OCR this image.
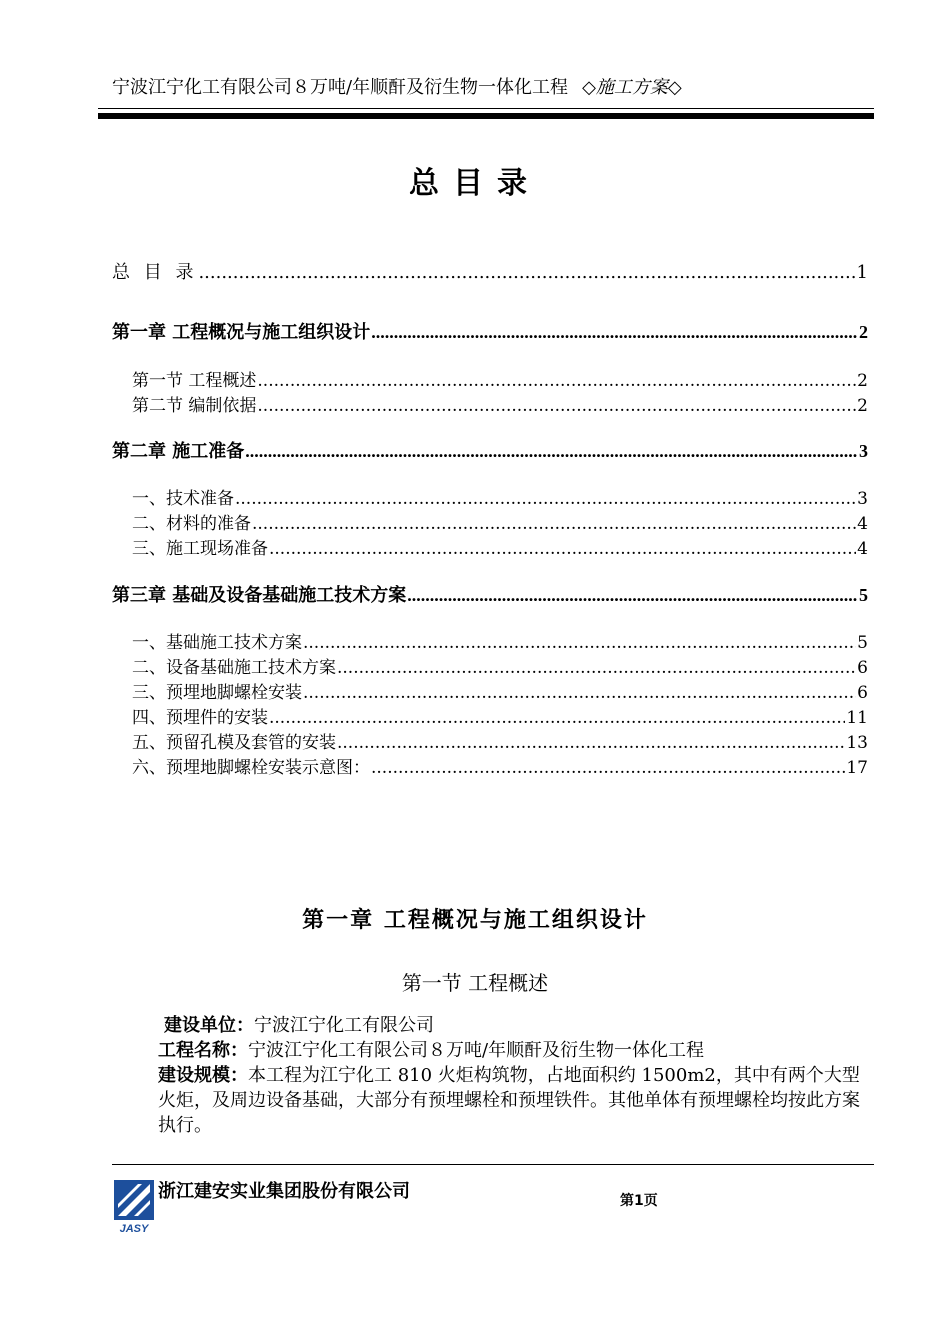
宁波江宁化工有限公司８万吨/年顺酐及衍生物一体化工程 ◇施工方案◇
总目录
总 目 录 .....	1
第一章 工程概况与施工组织设计 .....	2
第一节 工程概述 .....	2
第二节 编制依据 .....	2
第二章 施工准备 .....	3
一、技术准备 .....	3
二、材料的准备 .....	4
三、施工现场准备 .....	4
第三章 基础及设备基础施工技术方案 .....	5
一、基础施工技术方案 .....	5
二、设备基础施工技术方案 .....	6
三、预埋地脚螺栓安装 .....	6
四、预埋件的安装 .....	11
五、预留孔模及套管的安装 .....	13
六、预埋地脚螺栓安装示意图： .....	17
第一章 工程概况与施工组织设计
第一节 工程概述

建设单位：宁波江宁化工有限公司

工程名称：宁波江宁化工有限公司８万吨/年顺酐及衍生物一体化工程

建设规模：本工程为江宁化工 810 火炬构筑物，占地面积约 1500m2，其中有两个大型火炬，及周边设备基础，大部分有预埋螺栓和预埋铁件。其他单体有预埋螺栓均按此方案执行。

JASY
浙江建安实业集团股份有限公司	第1页
